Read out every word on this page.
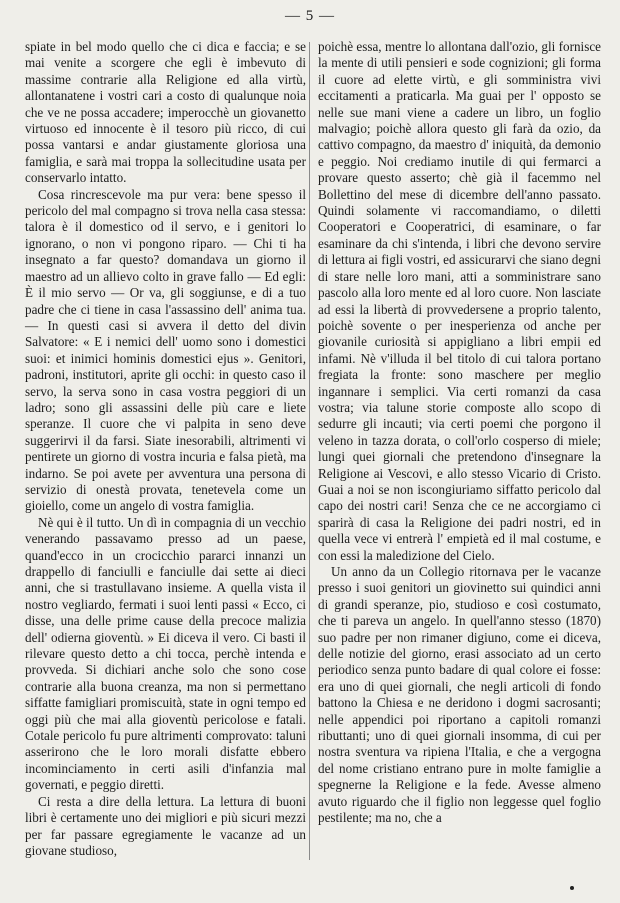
— 5 —

spiate in bel modo quello che ci dica e faccia; e se mai venite a scorgere che egli è imbevuto di massime contrarie alla Religione ed alla virtù, allontanatene i vostri cari a costo di qualunque noia che ve ne possa accadere; imperocchè un giovanetto virtuoso ed innocente è il tesoro più ricco, di cui possa vantarsi e andar giustamente gloriosa una famiglia, e sarà mai troppa la sollecitudine usata per conservarlo intatto.

Cosa rincrescevole ma pur vera: bene spesso il pericolo del mal compagno si trova nella casa stessa: talora è il domestico od il servo, e i genitori lo ignorano, o non vi pongono riparo. — Chi ti ha insegnato a far questo? domandava un giorno il maestro ad un allievo colto in grave fallo — Ed egli: È il mio servo — Or va, gli soggiunse, e di a tuo padre che ci tiene in casa l'assassino dell' anima tua. — In questi casi si avvera il detto del divin Salvatore: « E i nemici dell' uomo sono i domestici suoi: et inimici hominis domestici ejus ». Genitori, padroni, institutori, aprite gli occhi: in questo caso il servo, la serva sono in casa vostra peggiori di un ladro; sono gli assassini delle più care e liete speranze. Il cuore che vi palpita in seno deve suggerirvi il da farsi. Siate inesorabili, altrimenti vi pentirete un giorno di vostra incuria e falsa pietà, ma indarno. Se poi avete per avventura una persona di servizio di onestà provata, tenetevela come un gioiello, come un angelo di vostra famiglia.

Nè qui è il tutto. Un dì in compagnia di un vecchio venerando passavamo presso ad un paese, quand'ecco in un crocicchio pararci innanzi un drappello di fanciulli e fanciulle dai sette ai dieci anni, che si trastullavano insieme. A quella vista il nostro vegliardo, fermati i suoi lenti passi « Ecco, ci disse, una delle prime cause della precoce malizia dell' odierna gioventù. » Ei diceva il vero. Ci basti il rilevare questo detto a chi tocca, perchè intenda e provveda. Si dichiari anche solo che sono cose contrarie alla buona creanza, ma non si permettano siffatte famigliari promiscuità, state in ogni tempo ed oggi più che mai alla gioventù pericolose e fatali. Cotale pericolo fu pure altrimenti comprovato: taluni asserirono che le loro morali disfatte ebbero incominciamento in certi asili d'infanzia mal governati, e peggio diretti.

Ci resta a dire della lettura. La lettura di buoni libri è certamente uno dei migliori e più sicuri mezzi per far passare egregiamente le vacanze ad un giovane studioso,

poichè essa, mentre lo allontana dall'ozio, gli fornisce la mente di utili pensieri e sode cognizioni; gli forma il cuore ad elette virtù, e gli somministra vivi eccitamenti a praticarla. Ma guai per l' opposto se nelle sue mani viene a cadere un libro, un foglio malvagio; poichè allora questo gli farà da ozio, da cattivo compagno, da maestro d' iniquità, da demonio e peggio. Noi crediamo inutile di qui fermarci a provare questo asserto; chè già il facemmo nel Bollettino del mese di dicembre dell'anno passato. Quindi solamente vi raccomandiamo, o diletti Cooperatori e Cooperatrici, di esaminare, o far esaminare da chi s'intenda, i libri che devono servire di lettura ai figli vostri, ed assicurarvi che siano degni di stare nelle loro mani, atti a somministrare sano pascolo alla loro mente ed al loro cuore. Non lasciate ad essi la libertà di provvedersene a proprio talento, poichè sovente o per inesperienza od anche per giovanile curiosità si appigliano a libri empii ed infami. Nè v'illuda il bel titolo di cui talora portano fregiata la fronte: sono maschere per meglio ingannare i semplici. Via certi romanzi da casa vostra; via talune storie composte allo scopo di sedurre gli incauti; via certi poemi che porgono il veleno in tazza dorata, o coll'orlo cosperso di miele; lungi quei giornali che pretendono d'insegnare la Religione ai Vescovi, e allo stesso Vicario di Cristo. Guai a noi se non iscongiuriamo siffatto pericolo dal capo dei nostri cari! Senza che ce ne accorgiamo ci sparirà di casa la Religione dei padri nostri, ed in quella vece vi entrerà l' empietà ed il mal costume, e con essi la maledizione del Cielo.

Un anno da un Collegio ritornava per le vacanze presso i suoi genitori un giovinetto sui quindici anni di grandi speranze, pio, studioso e così costumato, che ti pareva un angelo. In quell'anno stesso (1870) suo padre per non rimaner digiuno, come ei diceva, delle notizie del giorno, erasi associato ad un certo periodico senza punto badare di qual colore ei fosse: era uno di quei giornali, che negli articoli di fondo battono la Chiesa e ne deridono i dogmi sacrosanti; nelle appendici poi riportano a capitoli romanzi ributtanti; uno di quei giornali insomma, di cui per nostra sventura va ripiena l'Italia, e che a vergogna del nome cristiano entrano pure in molte famiglie a spegnerne la Religione e la fede. Avesse almeno avuto riguardo che il figlio non leggesse quel foglio pestilente; ma no, che a
